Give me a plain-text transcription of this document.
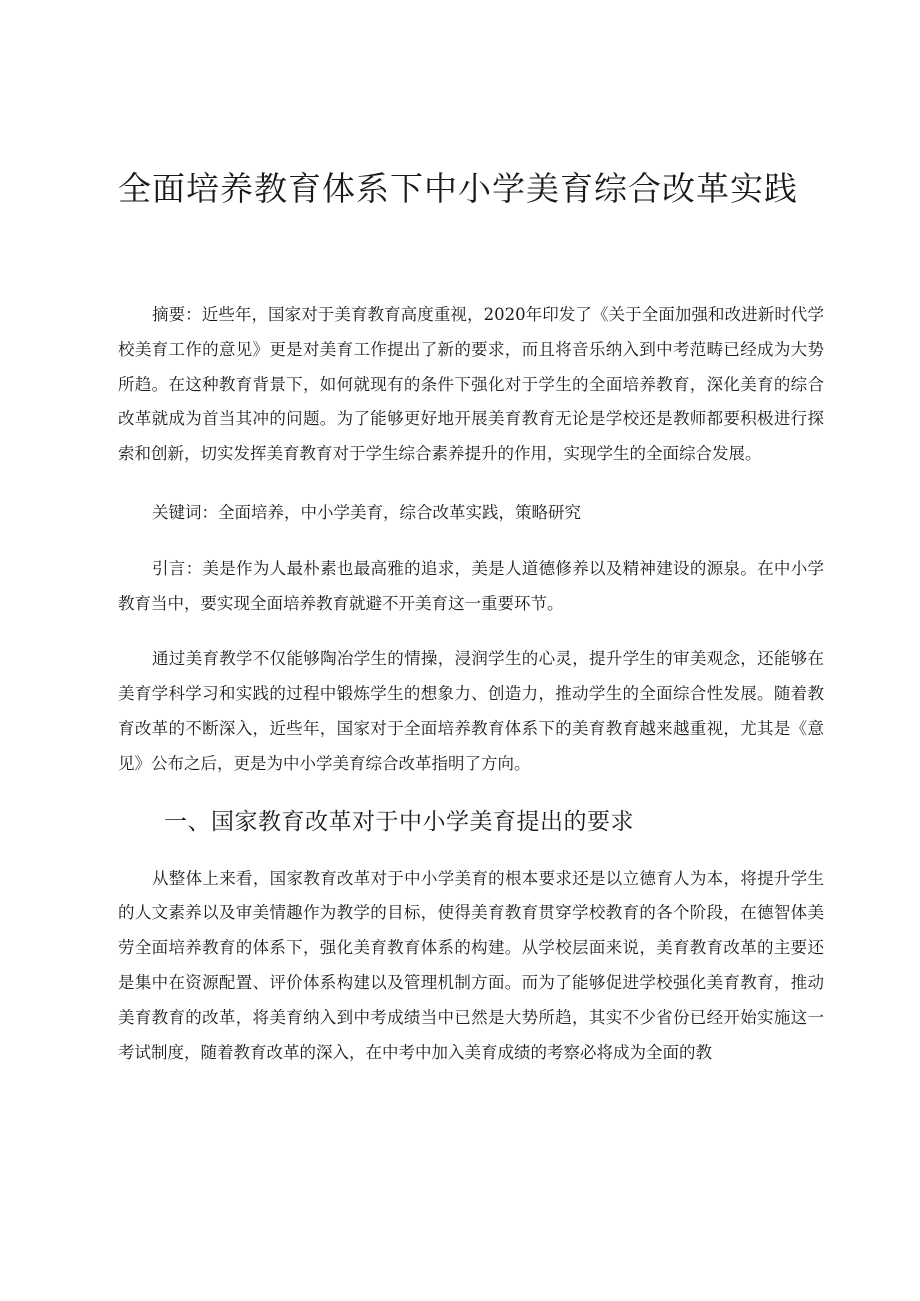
全面培养教育体系下中小学美育综合改革实践

摘要：近些年，国家对于美育教育高度重视，2020年印发了《关于全面加强和改进新时代学校美育工作的意见》更是对美育工作提出了新的要求，而且将音乐纳入到中考范畴已经成为大势所趋。在这种教育背景下，如何就现有的条件下强化对于学生的全面培养教育，深化美育的综合改革就成为首当其冲的问题。为了能够更好地开展美育教育无论是学校还是教师都要积极进行探索和创新，切实发挥美育教育对于学生综合素养提升的作用，实现学生的全面综合发展。

关键词：全面培养，中小学美育，综合改革实践，策略研究

引言：美是作为人最朴素也最高雅的追求，美是人道德修养以及精神建设的源泉。在中小学教育当中，要实现全面培养教育就避不开美育这一重要环节。

通过美育教学不仅能够陶冶学生的情操，浸润学生的心灵，提升学生的审美观念，还能够在美育学科学习和实践的过程中锻炼学生的想象力、创造力，推动学生的全面综合性发展。随着教育改革的不断深入，近些年，国家对于全面培养教育体系下的美育教育越来越重视，尤其是《意见》公布之后，更是为中小学美育综合改革指明了方向。

一、国家教育改革对于中小学美育提出的要求

从整体上来看，国家教育改革对于中小学美育的根本要求还是以立德育人为本，将提升学生的人文素养以及审美情趣作为教学的目标，使得美育教育贯穿学校教育的各个阶段，在德智体美劳全面培养教育的体系下，强化美育教育体系的构建。从学校层面来说，美育教育改革的主要还是集中在资源配置、评价体系构建以及管理机制方面。而为了能够促进学校强化美育教育，推动美育教育的改革，将美育纳入到中考成绩当中已然是大势所趋，其实不少省份已经开始实施这一考试制度，随着教育改革的深入，在中考中加入美育成绩的考察必将成为全面的教
